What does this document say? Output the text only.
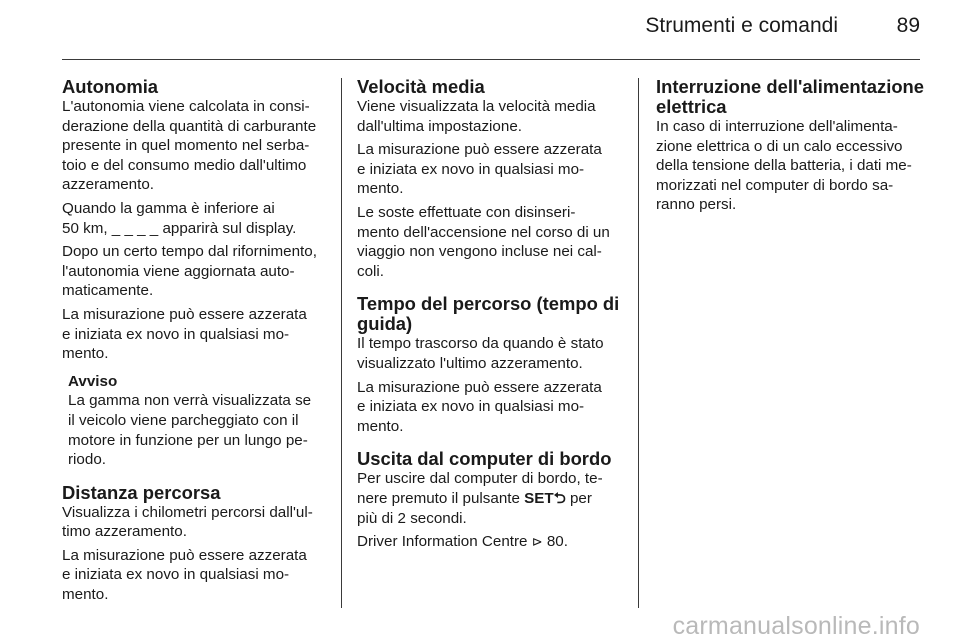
Strumenti e comandi	89
Autonomia

L'autonomia viene calcolata in consi-
derazione della quantità di carburante
presente in quel momento nel serba-
toio e del consumo medio dall'ultimo
azzeramento.

Quando la gamma è inferiore ai
50 km, _ _ _ _ apparirà sul display.

Dopo un certo tempo dal rifornimento,
l'autonomia viene aggiornata auto-
maticamente.

La misurazione può essere azzerata
e iniziata ex novo in qualsiasi mo-
mento.

Avviso
La gamma non verrà visualizzata se
il veicolo viene parcheggiato con il
motore in funzione per un lungo pe-
riodo.
Distanza percorsa

Visualizza i chilometri percorsi dall'ul-
timo azzeramento.

La misurazione può essere azzerata
e iniziata ex novo in qualsiasi mo-
mento.

Velocità media

Viene visualizzata la velocità media
dall'ultima impostazione.

La misurazione può essere azzerata
e iniziata ex novo in qualsiasi mo-
mento.

Le soste effettuate con disinseri-
mento dell'accensione nel corso di un
viaggio non vengono incluse nei cal-
coli.

Tempo del percorso (tempo di
guida)

Il tempo trascorso da quando è stato
visualizzato l'ultimo azzeramento.

La misurazione può essere azzerata
e iniziata ex novo in qualsiasi mo-
mento.

Uscita dal computer di bordo

Per uscire dal computer di bordo, te-
nere premuto il pulsante SET⮌ per
più di 2 secondi.

Driver Information Centre ⊳ 80.

Interruzione dell'alimentazione
elettrica

In caso di interruzione dell'alimenta-
zione elettrica o di un calo eccessivo
della tensione della batteria, i dati me-
morizzati nel computer di bordo sa-
ranno persi.

carmanualsonline.info
